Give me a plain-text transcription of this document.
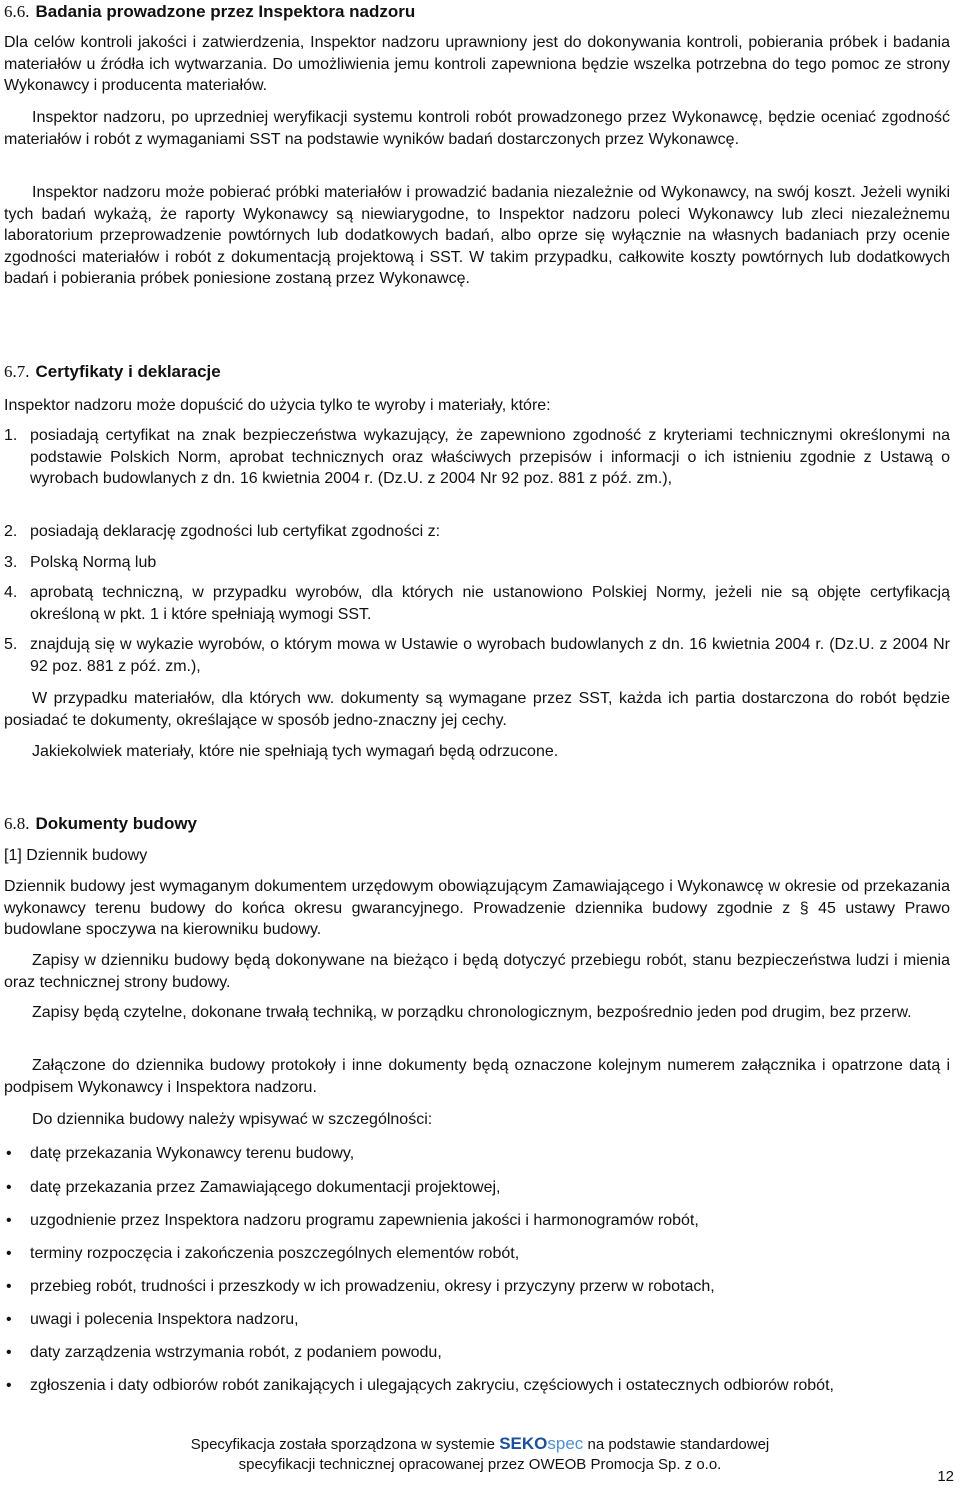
6.6. Badania prowadzone przez Inspektora nadzoru
Dla celów kontroli jakości i zatwierdzenia, Inspektor nadzoru uprawniony jest do dokonywania kontroli, pobierania próbek i badania materiałów u źródła ich wytwarzania. Do umożliwienia jemu kontroli zapewniona będzie wszelka potrzebna do tego pomoc ze strony Wykonawcy i producenta materiałów.
Inspektor nadzoru, po uprzedniej weryfikacji systemu kontroli robót prowadzonego przez Wykonawcę, będzie oceniać zgodność materiałów i robót z wymaganiami SST na podstawie wyników badań dostarczonych przez Wykonawcę.
Inspektor nadzoru może pobierać próbki materiałów i prowadzić badania niezależnie od Wykonawcy, na swój koszt. Jeżeli wyniki tych badań wykażą, że raporty Wykonawcy są niewiarygodne, to Inspektor nadzoru poleci Wykonawcy lub zleci niezależnemu laboratorium przeprowadzenie powtórnych lub dodatkowych badań, albo oprze się wyłącznie na własnych badaniach przy ocenie zgodności materiałów i robót z dokumentacją projektową i SST. W takim przypadku, całkowite koszty powtórnych lub dodatkowych badań i pobierania próbek poniesione zostaną przez Wykonawcę.
6.7. Certyfikaty i deklaracje
Inspektor nadzoru może dopuścić do użycia tylko te wyroby i materiały, które:
1. posiadają certyfikat na znak bezpieczeństwa wykazujący, że zapewniono zgodność z kryteriami technicznymi określonymi na podstawie Polskich Norm, aprobat technicznych oraz właściwych przepisów i informacji o ich istnieniu zgodnie z Ustawą o wyrobach budowlanych z dn. 16 kwietnia 2004 r. (Dz.U. z 2004 Nr 92 poz. 881 z póź. zm.),
2. posiadają deklarację zgodności lub certyfikat zgodności z:
3. Polską Normą lub
4. aprobatą techniczną, w przypadku wyrobów, dla których nie ustanowiono Polskiej Normy, jeżeli nie są objęte certyfikacją określoną w pkt. 1 i które spełniają wymogi SST.
5. znajdują się w wykazie wyrobów, o którym mowa w Ustawie o wyrobach budowlanych z dn. 16 kwietnia 2004 r. (Dz.U. z 2004 Nr 92 poz. 881 z póź. zm.),
W przypadku materiałów, dla których ww. dokumenty są wymagane przez SST, każda ich partia dostarczona do robót będzie posiadać te dokumenty, określające w sposób jedno-znaczny jej cechy.
Jakiekolwiek materiały, które nie spełniają tych wymagań będą odrzucone.
6.8. Dokumenty budowy
[1] Dziennik budowy
Dziennik budowy jest wymaganym dokumentem urzędowym obowiązującym Zamawiającego i Wykonawcę w okresie od przekazania wykonawcy terenu budowy do końca okresu gwarancyjnego. Prowadzenie dziennika budowy zgodnie z § 45 ustawy Prawo budowlane spoczywa na kierowniku budowy.
Zapisy w dzienniku budowy będą dokonywane na bieżąco i będą dotyczyć przebiegu robót, stanu bezpieczeństwa ludzi i mienia oraz technicznej strony budowy.
Zapisy będą czytelne, dokonane trwałą techniką, w porządku chronologicznym, bezpośrednio jeden pod drugim, bez przerw.
Załączone do dziennika budowy protokoły i inne dokumenty będą oznaczone kolejnym numerem załącznika i opatrzone datą i podpisem Wykonawcy i Inspektora nadzoru.
Do dziennika budowy należy wpisywać w szczególności:
• datę przekazania Wykonawcy terenu budowy,
• datę przekazania przez Zamawiającego dokumentacji projektowej,
• uzgodnienie przez Inspektora nadzoru programu zapewnienia jakości i harmonogramów robót,
• terminy rozpoczęcia i zakończenia poszczególnych elementów robót,
• przebieg robót, trudności i przeszkody w ich prowadzeniu, okresy i przyczyny przerw w robotach,
• uwagi i polecenia Inspektora nadzoru,
• daty zarządzenia wstrzymania robót, z podaniem powodu,
• zgłoszenia i daty odbiorów robót zanikających i ulegających zakryciu, częściowych i ostatecznych odbiorów robót,
Specyfikacja została sporządzona w systemie SEKOspec na podstawie standardowej
specyfikacji technicznej opracowanej przez OWEOB Promocja Sp. z o.o.
12
